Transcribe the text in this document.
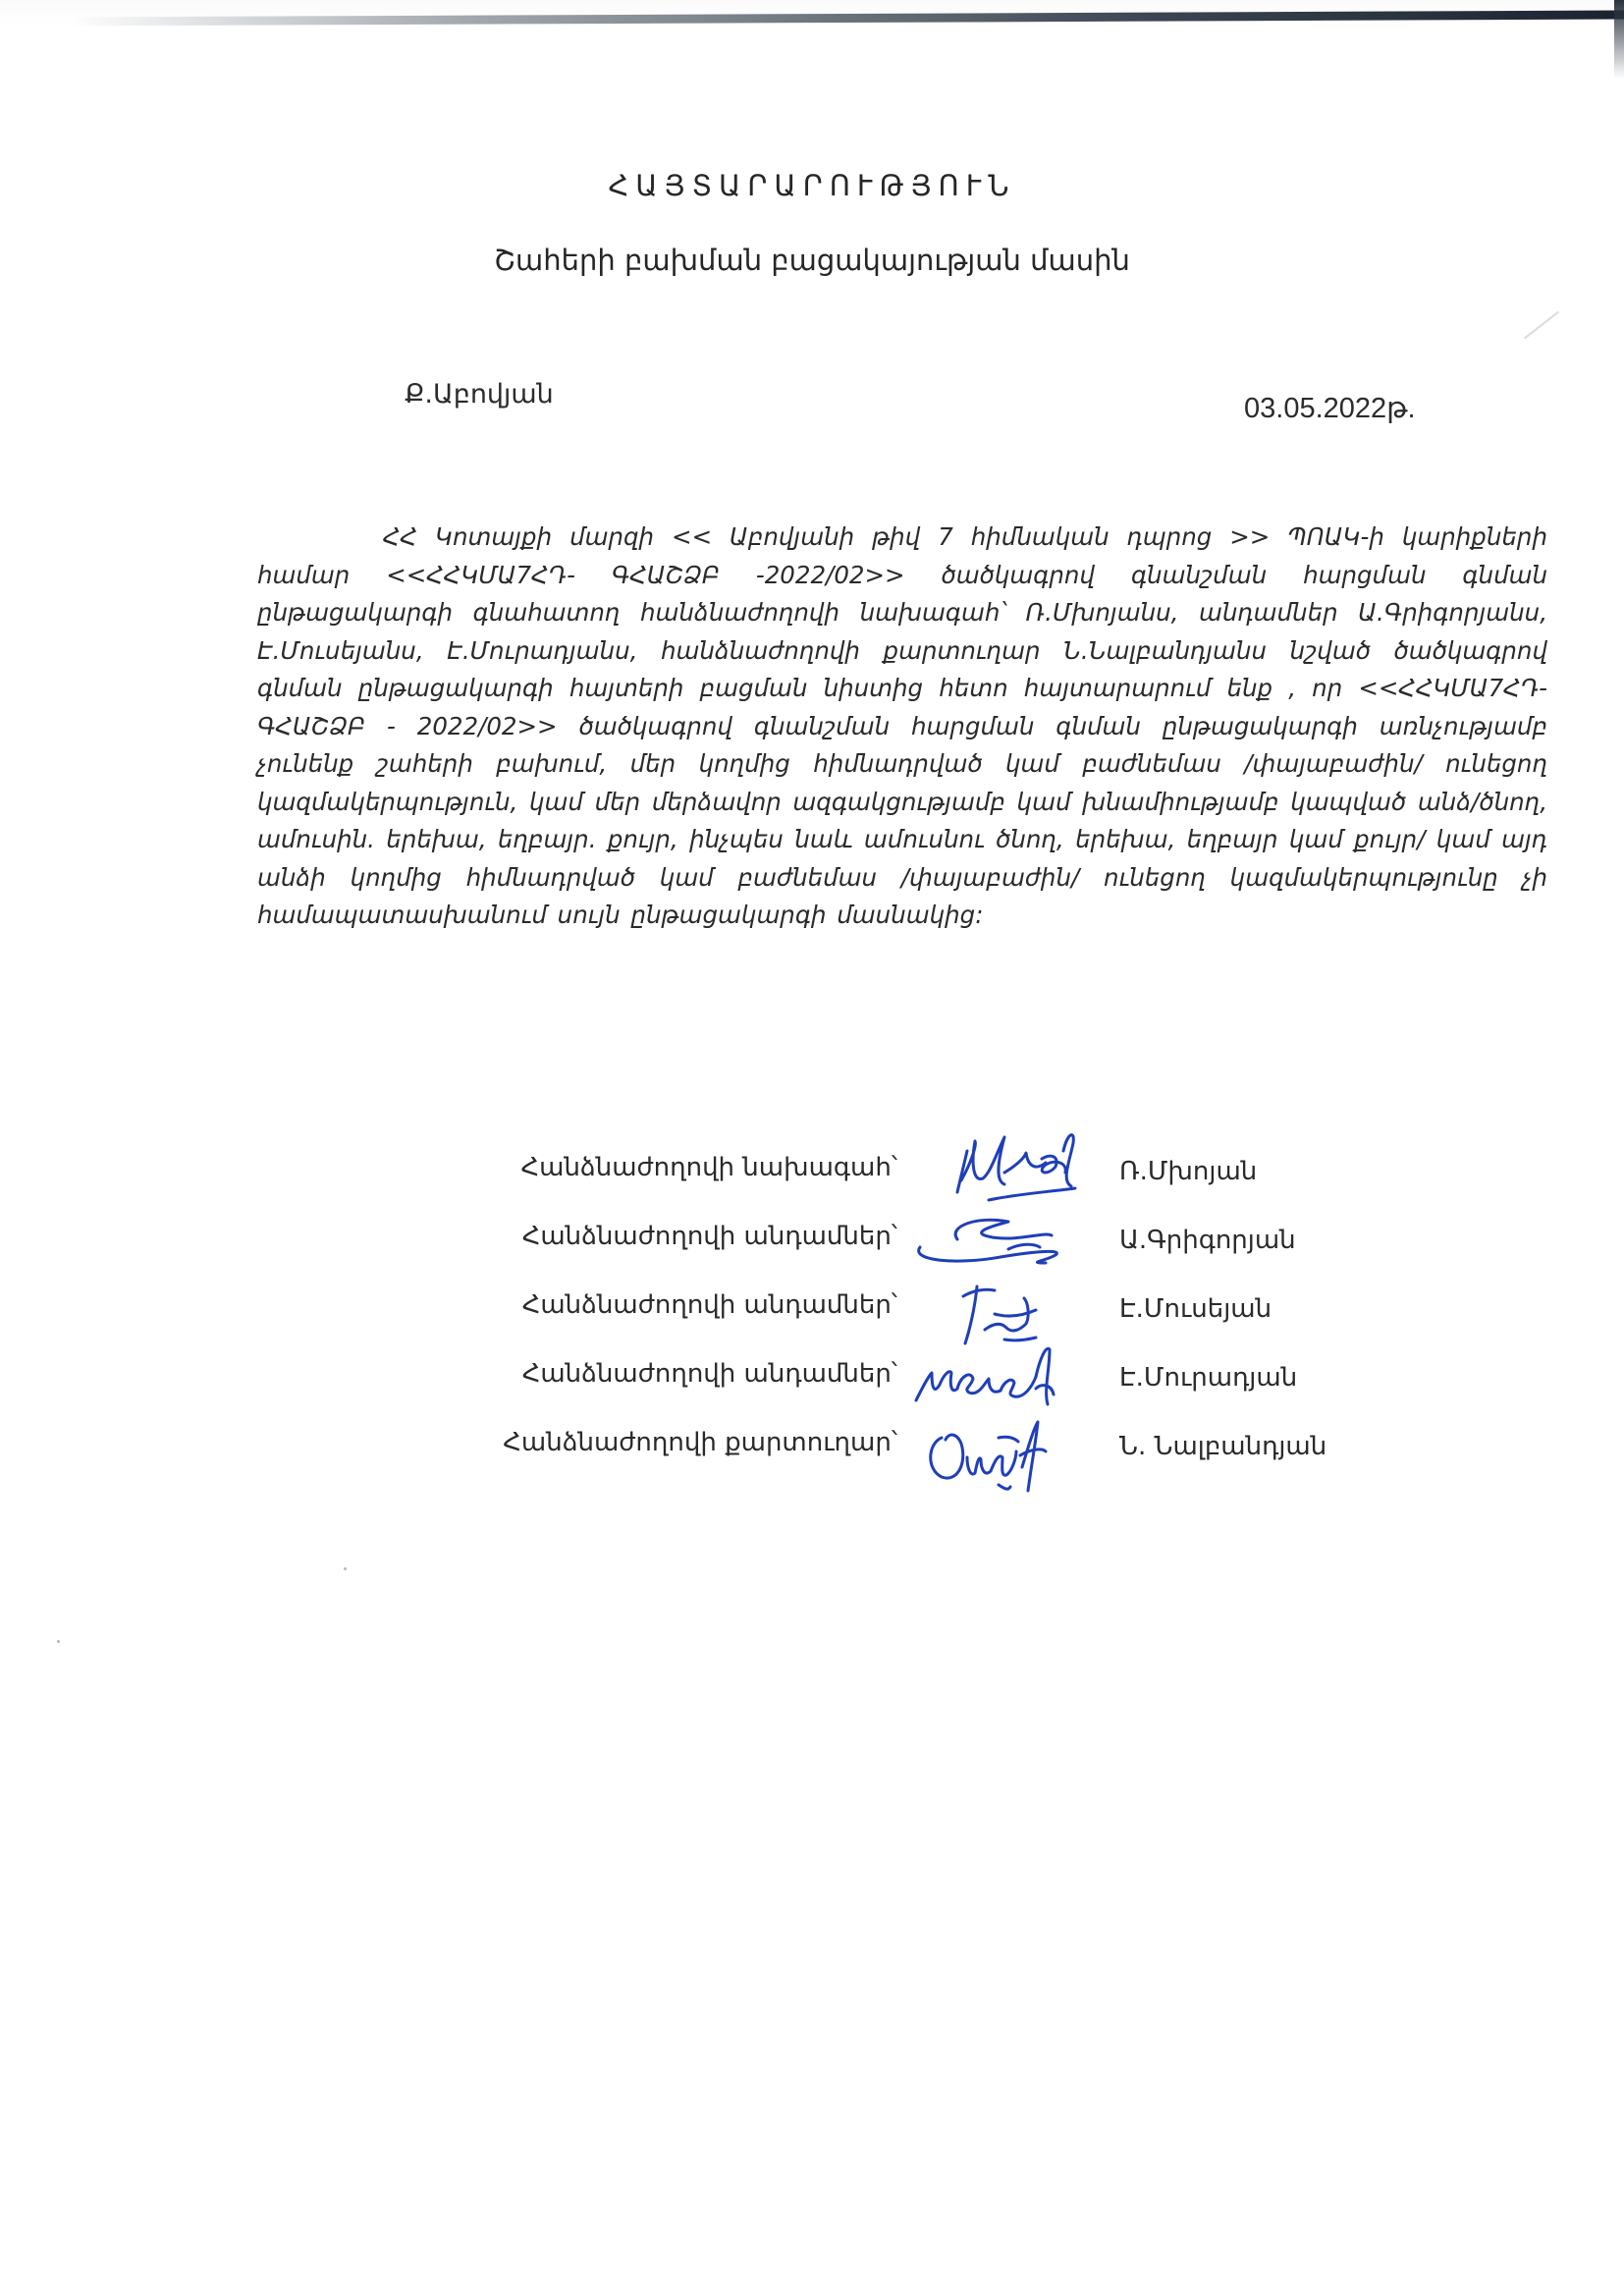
ՀԱՅՏԱՐԱՐՈՒԹՅՈՒՆ
Շահերի բախման բացակայության մասին
Ք.Աբովյան	03.05.2022թ.
ՀՀ Կոտայքի մարզի << Աբովյանի թիվ 7 հիմնական դպրոց >> ՊՈԱԿ-ի կարիքների համար <<ՀՀԿՄԱ7ՀԴ- ԳՀԱՇՁԲ -2022/02>> ծածկագրով գնանշման հարցման գնման ընթացակարգի գնահատող հանձնաժողովի նախագահ՝ Ռ.Մխոյանս, անդամներ Ա.Գրիգորյանս, Է.Մուսեյանս, Է.Մուրադյանս, հանձնաժողովի քարտուղար Ն.Նալբանդյանս նշված ծածկագրով գնման ընթացակարգի հայտերի բացման նիստից հետո հայտարարում ենք , որ <<ՀՀԿՄԱ7ՀԴ- ԳՀԱՇՁԲ - 2022/02>> ծածկագրով գնանշման հարցման գնման ընթացակարգի առնչությամբ չունենք շահերի բախում, մեր կողմից հիմնադրված կամ բաժնեմաս /փայաբաժին/ ունեցող կազմակերպություն, կամ մեր մերձավոր ազգակցությամբ կամ խնամիությամբ կապված անձ/ծնող, ամուսին. երեխա, եղբայր. քույր, ինչպես նաև ամուսնու ծնող, երեխա, եղբայր կամ քույր/ կամ այդ անձի կողմից հիմնադրված կամ բաժնեմաս /փայաբաժին/ ունեցող կազմակերպությունը չի համապատասխանում սույն ընթացակարգի մասնակից:
Հանձնաժողովի նախագահ՝	Ռ.Մխոյան
Հանձնաժողովի անդամներ՝	Ա.Գրիգորյան
Հանձնաժողովի անդամներ՝	Է.Մուսեյան
Հանձնաժողովի անդամներ՝	Է.Մուրադյան
Հանձնաժողովի քարտուղար՝	Ն. Նալբանդյան
